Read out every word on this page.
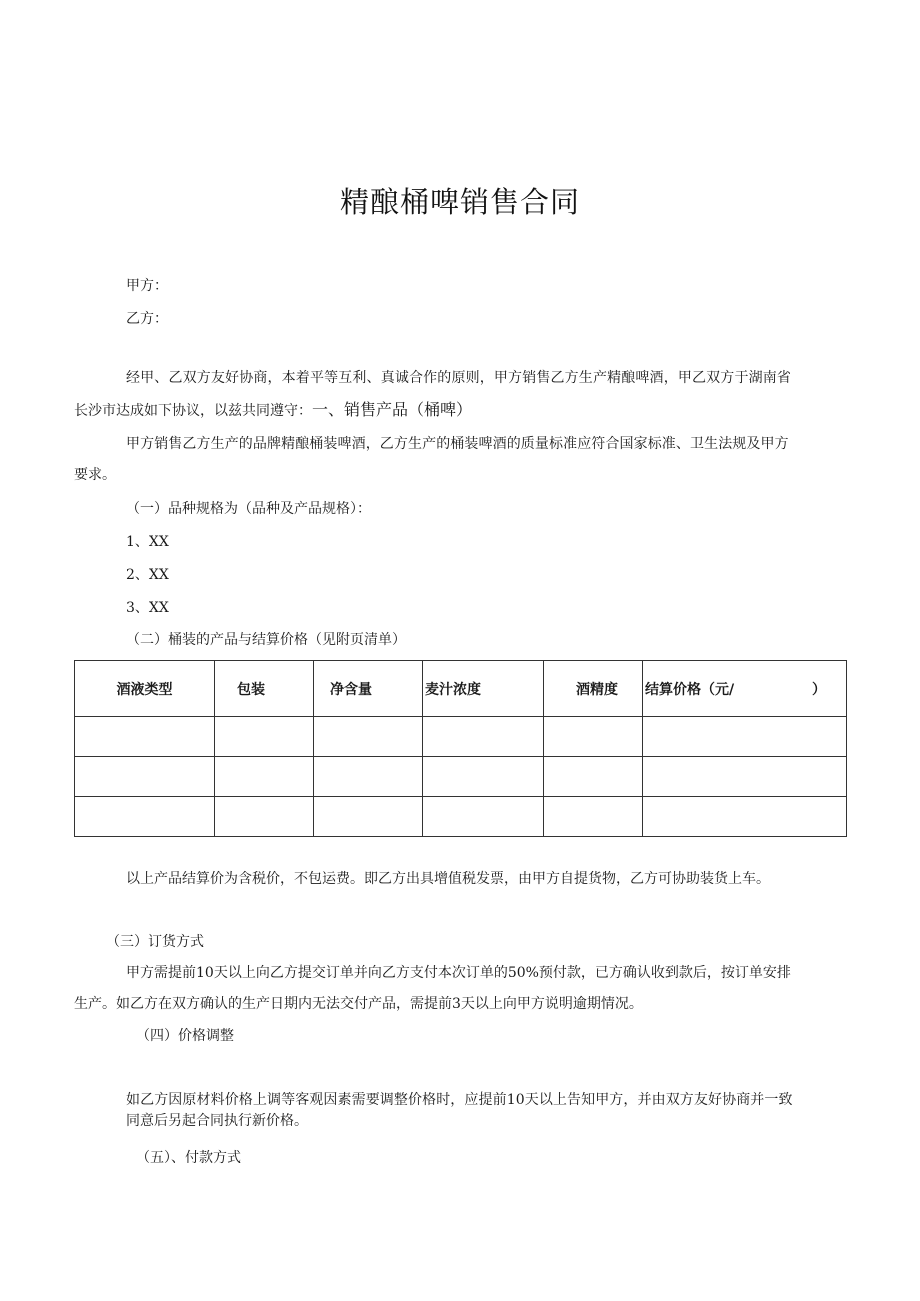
精酿桶啤销售合同
甲方：
乙方：
经甲、乙双方友好协商，本着平等互利、真诚合作的原则，甲方销售乙方生产精酿啤酒，甲乙双方于湖南省
长沙市达成如下协议，以兹共同遵守：一、销售产品（桶啤）
甲方销售乙方生产的品牌精酿桶装啤酒，乙方生产的桶装啤酒的质量标准应符合国家标准、卫生法规及甲方
要求。
（一）品种规格为（品种及产品规格）：
1、XX
2、XX
3、XX
（二）桶装的产品与结算价格（见附页清单）
酒液类型	包装	净含量	麦汁浓度	酒精度	结算价格（元/ ）

以上产品结算价为含税价，不包运费。即乙方出具增值税发票，由甲方自提货物，乙方可协助装货上车。
（三）订货方式
甲方需提前10天以上向乙方提交订单并向乙方支付本次订单的50%预付款，已方确认收到款后，按订单安排
生产。如乙方在双方确认的生产日期内无法交付产品，需提前3天以上向甲方说明逾期情况。
（四）价格调整
如乙方因原材料价格上调等客观因素需要调整价格时，应提前10天以上告知甲方，并由双方友好协商并一致
同意后另起合同执行新价格。
（五）、付款方式
